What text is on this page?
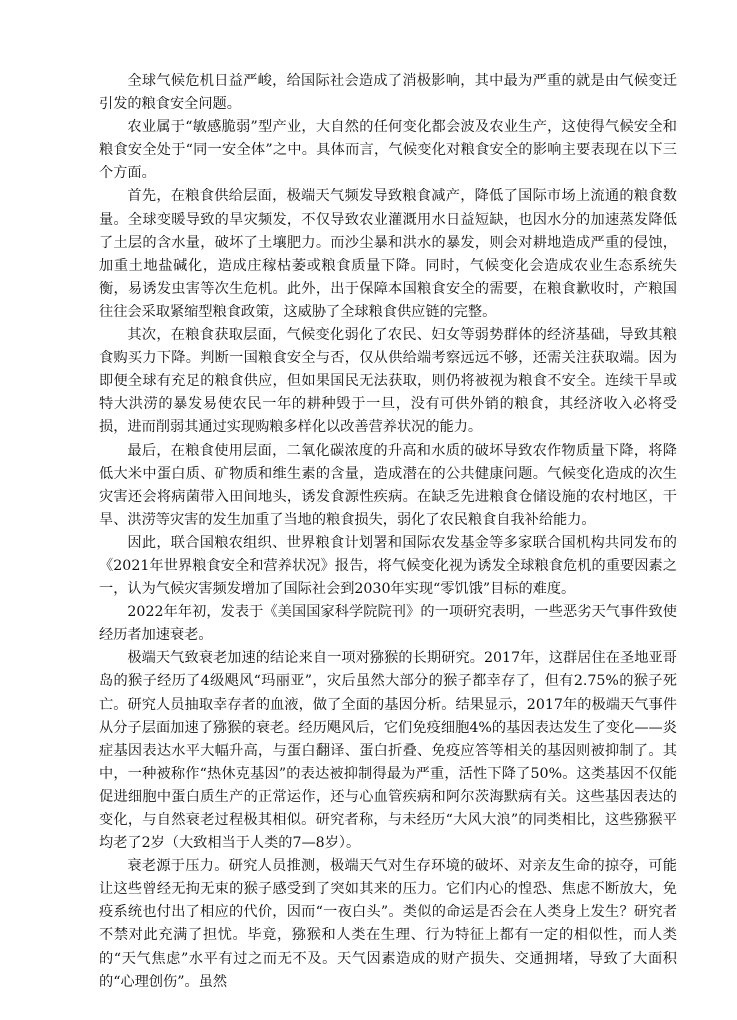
全球气候危机日益严峻，给国际社会造成了消极影响，其中最为严重的就是由气候变迁引发的粮食安全问题。

农业属于“敏感脆弱”型产业，大自然的任何变化都会波及农业生产，这使得气候安全和粮食安全处于“同一安全体”之中。具体而言，气候变化对粮食安全的影响主要表现在以下三个方面。

首先，在粮食供给层面，极端天气频发导致粮食减产，降低了国际市场上流通的粮食数量。全球变暖导致的旱灾频发，不仅导致农业灌溉用水日益短缺，也因水分的加速蒸发降低了土层的含水量，破坏了土壤肥力。而沙尘暴和洪水的暴发，则会对耕地造成严重的侵蚀，加重土地盐碱化，造成庄稼枯萎或粮食质量下降。同时，气候变化会造成农业生态系统失衡，易诱发虫害等次生危机。此外，出于保障本国粮食安全的需要，在粮食歉收时，产粮国往往会采取紧缩型粮食政策，这威胁了全球粮食供应链的完整。

其次，在粮食获取层面，气候变化弱化了农民、妇女等弱势群体的经济基础，导致其粮食购买力下降。判断一国粮食安全与否，仅从供给端考察远远不够，还需关注获取端。因为即便全球有充足的粮食供应，但如果国民无法获取，则仍将被视为粮食不安全。连续干旱或特大洪涝的暴发易使农民一年的耕种毁于一旦，没有可供外销的粮食，其经济收入必将受损，进而削弱其通过实现购粮多样化以改善营养状况的能力。

最后，在粮食使用层面，二氧化碳浓度的升高和水质的破坏导致农作物质量下降，将降低大米中蛋白质、矿物质和维生素的含量，造成潜在的公共健康问题。气候变化造成的次生灾害还会将病菌带入田间地头，诱发食源性疾病。在缺乏先进粮食仓储设施的农村地区，干旱、洪涝等灾害的发生加重了当地的粮食损失，弱化了农民粮食自我补给能力。

因此，联合国粮农组织、世界粮食计划署和国际农发基金等多家联合国机构共同发布的《2021年世界粮食安全和营养状况》报告，将气候变化视为诱发全球粮食危机的重要因素之一，认为气候灾害频发增加了国际社会到2030年实现“零饥饿”目标的难度。

2022年年初，发表于《美国国家科学院院刊》的一项研究表明，一些恶劣天气事件致使经历者加速衰老。

极端天气致衰老加速的结论来自一项对猕猴的长期研究。2017年，这群居住在圣地亚哥岛的猴子经历了4级飓风“玛丽亚”，灾后虽然大部分的猴子都幸存了，但有2.75%的猴子死亡。研究人员抽取幸存者的血液，做了全面的基因分析。结果显示，2017年的极端天气事件从分子层面加速了猕猴的衰老。经历飓风后，它们免疫细胞4%的基因表达发生了变化——炎症基因表达水平大幅升高，与蛋白翻译、蛋白折叠、免疫应答等相关的基因则被抑制了。其中，一种被称作“热休克基因”的表达被抑制得最为严重，活性下降了50%。这类基因不仅能促进细胞中蛋白质生产的正常运作，还与心血管疾病和阿尔茨海默病有关。这些基因表达的变化，与自然衰老过程极其相似。研究者称，与未经历“大风大浪”的同类相比，这些猕猴平均老了2岁（大致相当于人类的7—8岁）。

衰老源于压力。研究人员推测，极端天气对生存环境的破坏、对亲友生命的掠夺，可能让这些曾经无拘无束的猴子感受到了突如其来的压力。它们内心的惶恐、焦虑不断放大，免疫系统也付出了相应的代价，因而“一夜白头”。类似的命运是否会在人类身上发生？研究者不禁对此充满了担忧。毕竟，猕猴和人类在生理、行为特征上都有一定的相似性，而人类的“天气焦虑”水平有过之而无不及。天气因素造成的财产损失、交通拥堵，导致了大面积的“心理创伤”。虽然
